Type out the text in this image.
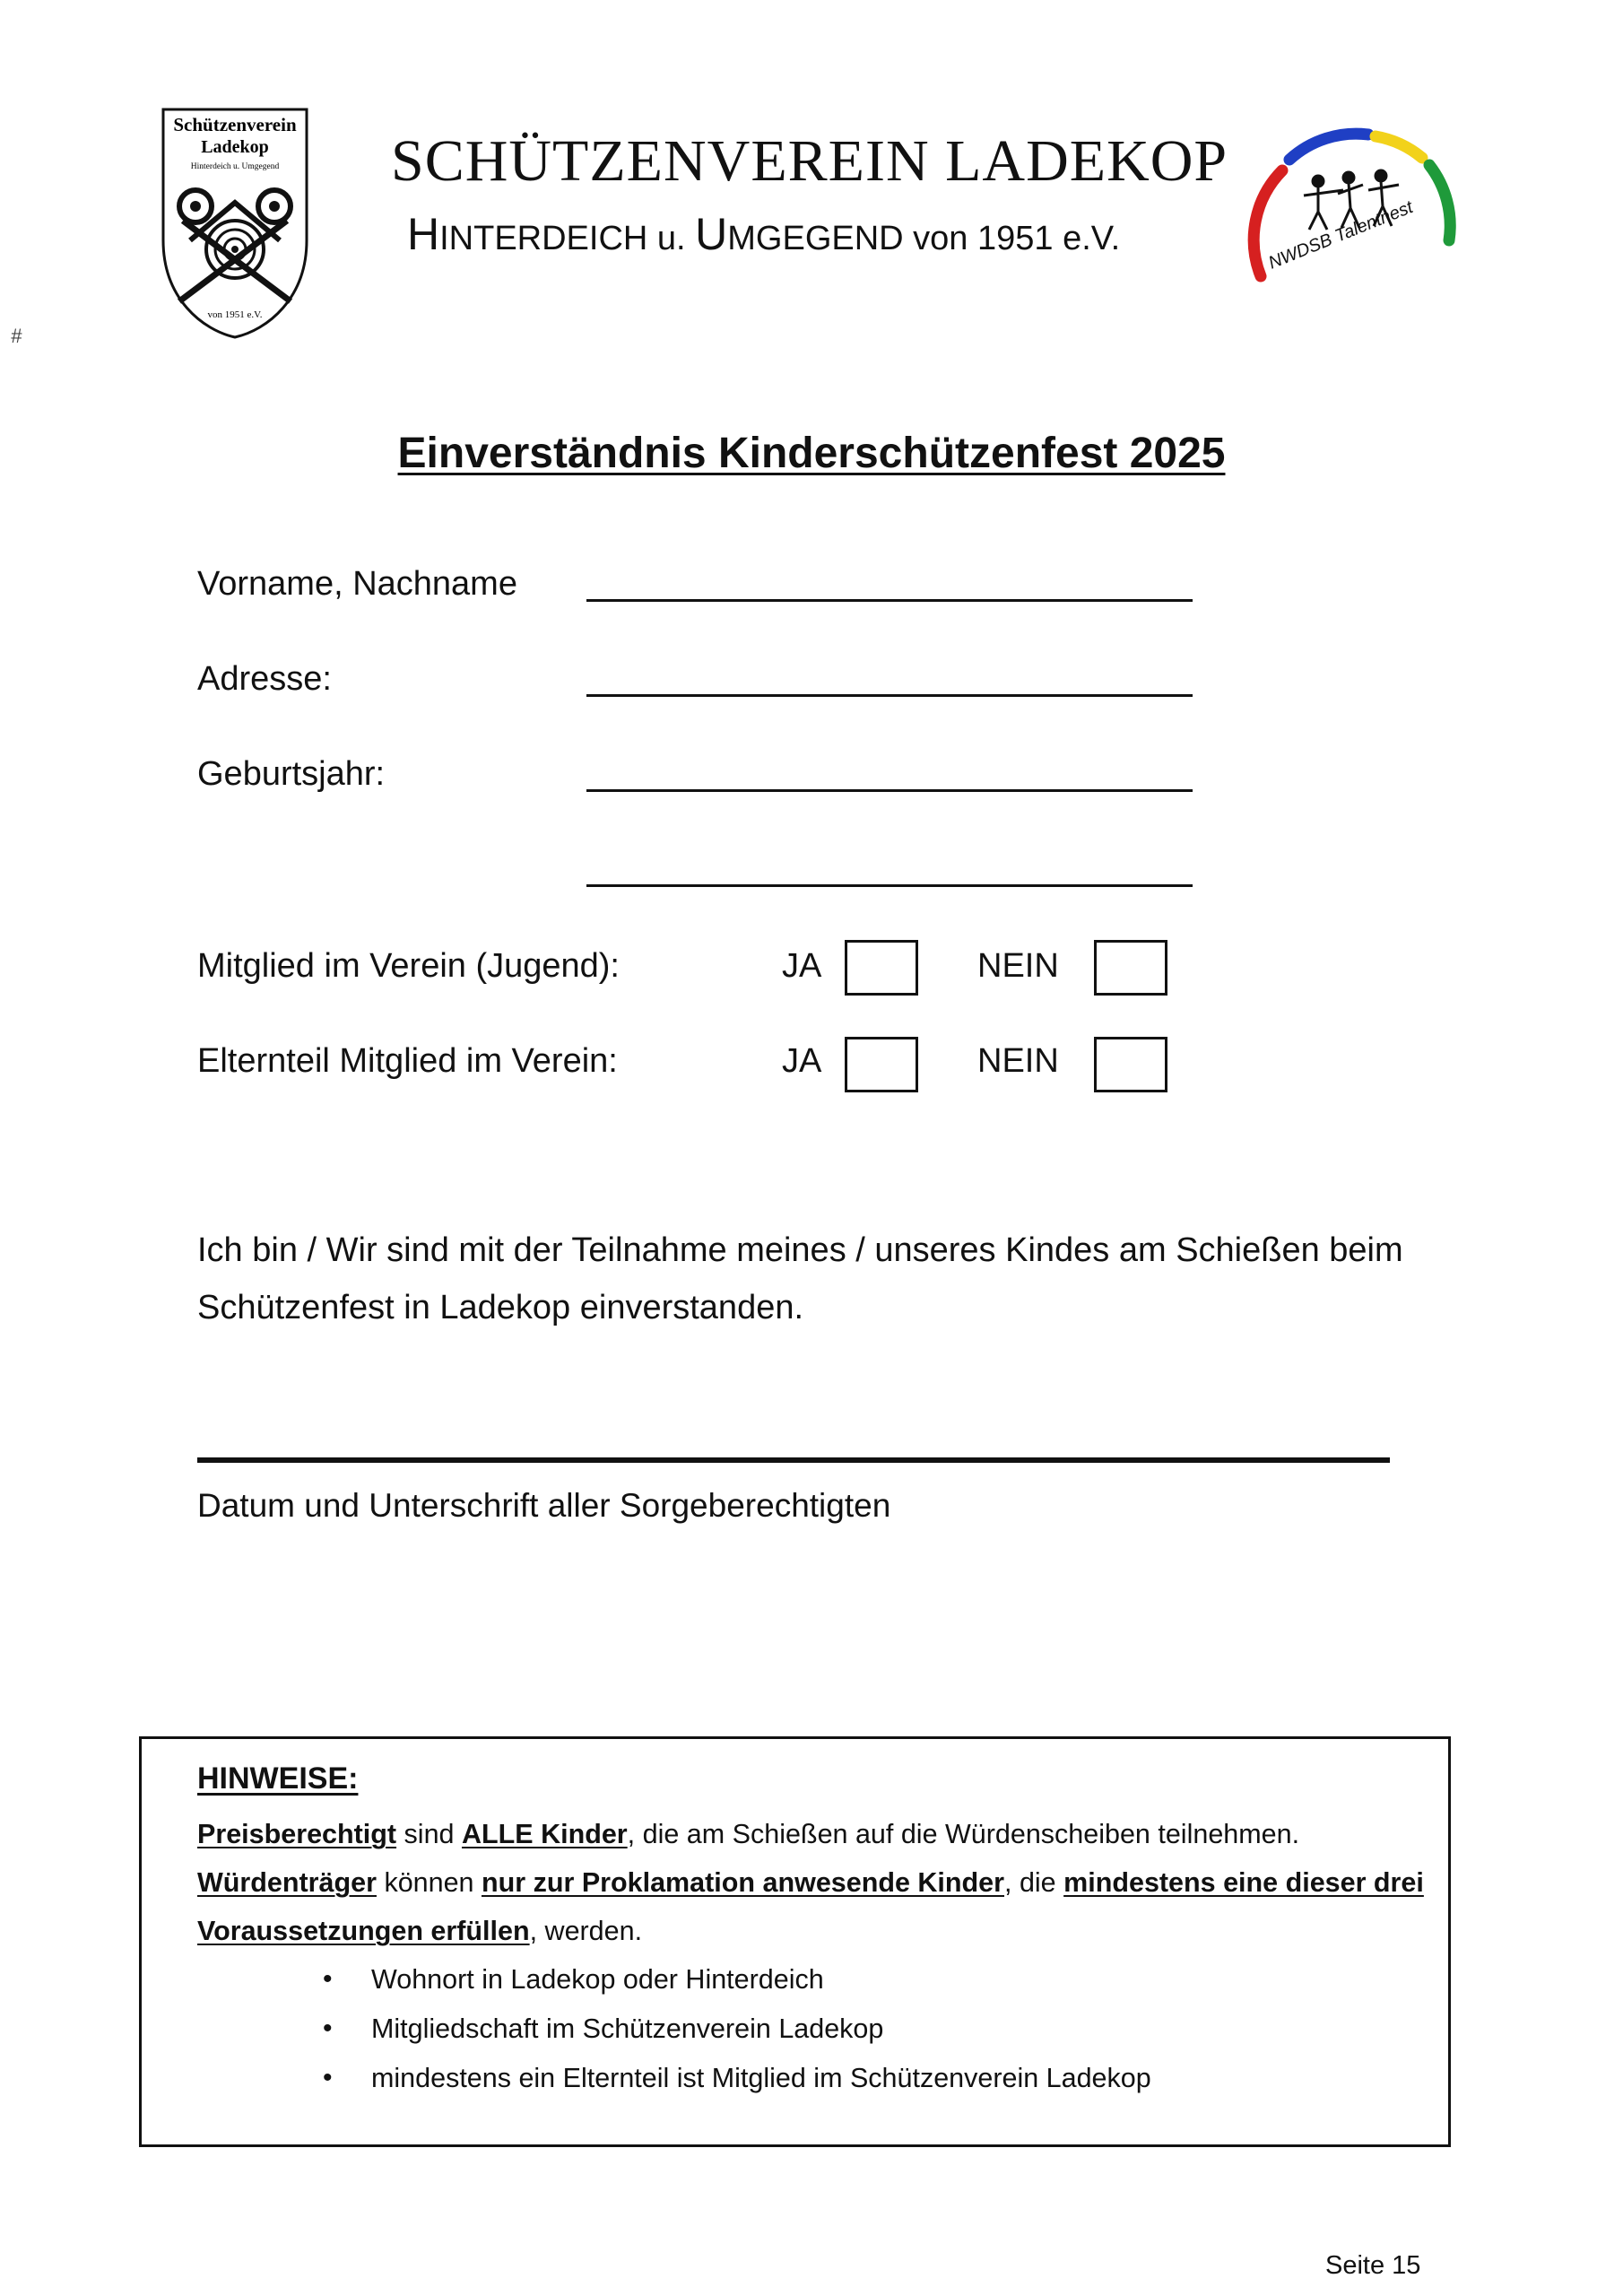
Schützenverein
Ladekop
Hinterdeich u. Umgegend
von 1951 e.V.
SCHÜTZENVEREIN LADEKOP
HINTERDEICH u. UMGEGEND von 1951 e.V.
#
NWDSB Talentnest
Einverständnis Kinderschützenfest 2025
Vorname, Nachname
Adresse:
Geburtsjahr:
Mitglied im Verein (Jugend):	JA	NEIN
Elternteil Mitglied im Verein:	JA	NEIN
Ich bin / Wir sind mit der Teilnahme meines / unseres Kindes am Schießen beim
Schützenfest in Ladekop einverstanden.
Datum und Unterschrift aller Sorgeberechtigten
HINWEISE:
Preisberechtigt sind ALLE Kinder, die am Schießen auf die Würdenscheiben teilnehmen.
Würdenträger können nur zur Proklamation anwesende Kinder, die mindestens eine dieser drei
Voraussetzungen erfüllen, werden.
• Wohnort in Ladekop oder Hinterdeich
• Mitgliedschaft im Schützenverein Ladekop
• mindestens ein Elternteil ist Mitglied im Schützenverein Ladekop
Seite 15
